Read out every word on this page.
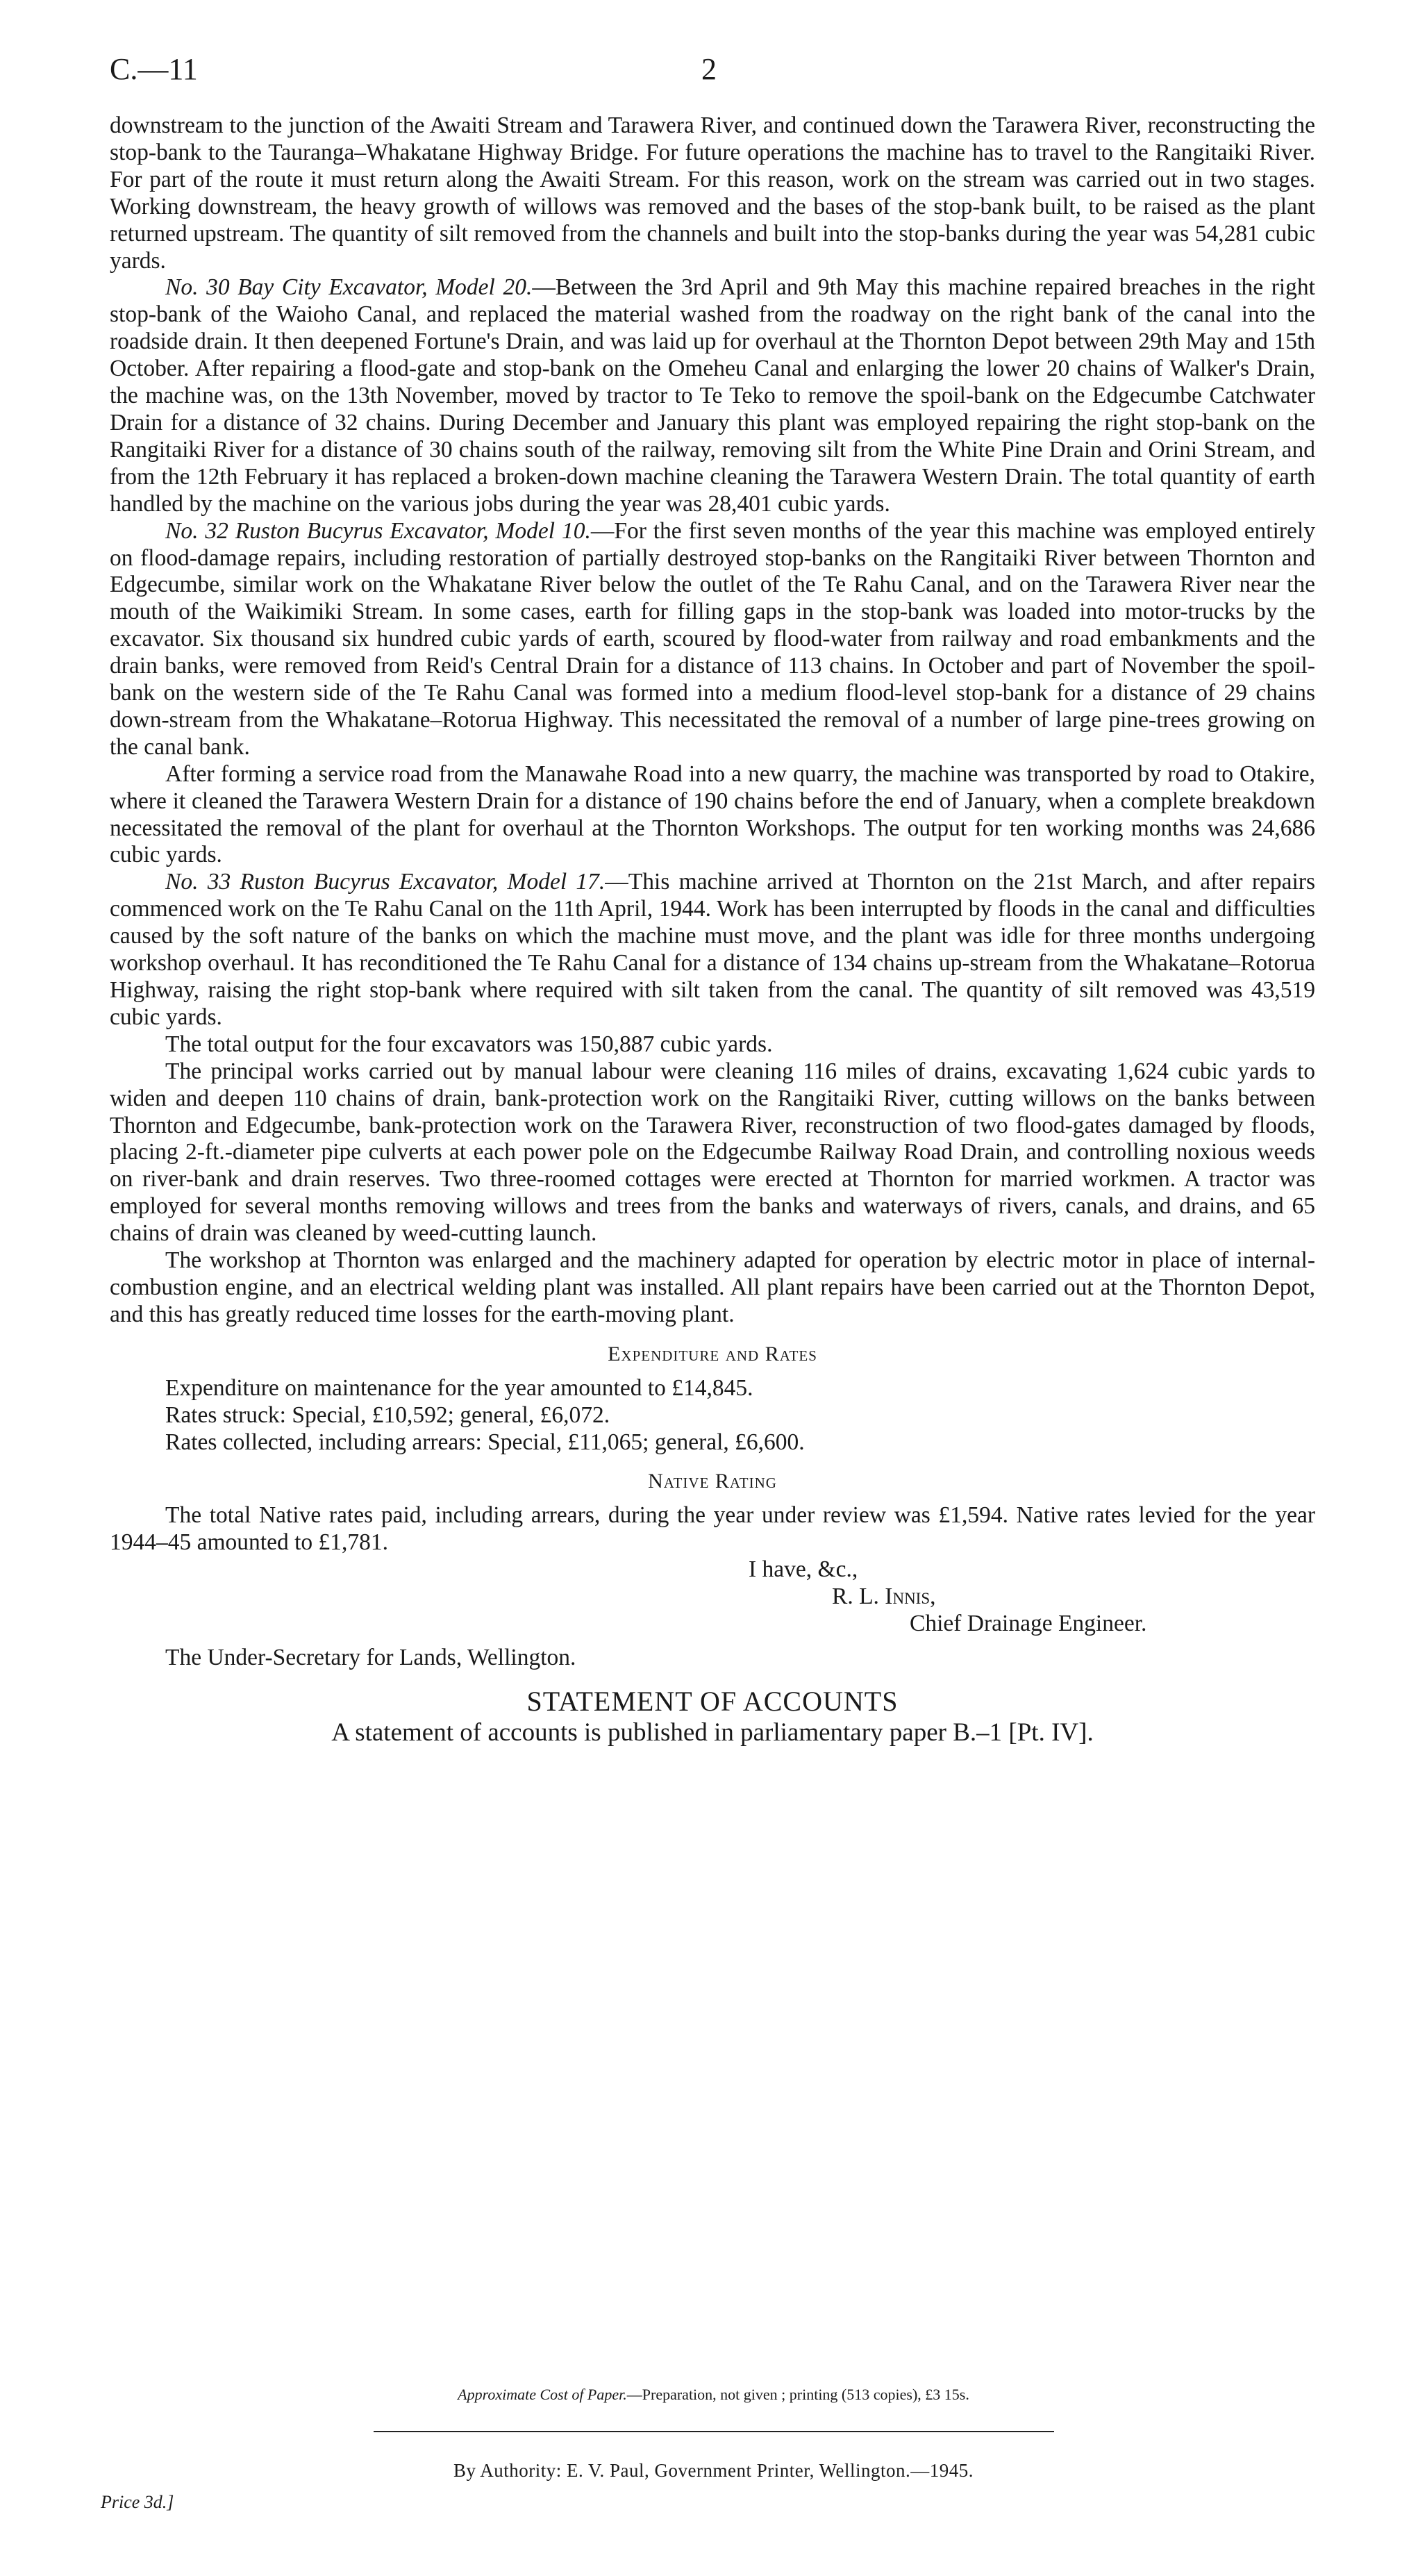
C.—11	2

downstream to the junction of the Awaiti Stream and Tarawera River, and continued down the Tarawera River, reconstructing the stop-bank to the Tauranga–Whakatane Highway Bridge. For future operations the machine has to travel to the Rangitaiki River. For part of the route it must return along the Awaiti Stream. For this reason, work on the stream was carried out in two stages. Working downstream, the heavy growth of willows was removed and the bases of the stop-bank built, to be raised as the plant returned upstream. The quantity of silt removed from the channels and built into the stop-banks during the year was 54,281 cubic yards.

No. 30 Bay City Excavator, Model 20.—Between the 3rd April and 9th May this machine repaired breaches in the right stop-bank of the Waioho Canal, and replaced the material washed from the roadway on the right bank of the canal into the roadside drain. It then deepened Fortune's Drain, and was laid up for overhaul at the Thornton Depot between 29th May and 15th October. After repairing a flood-gate and stop-bank on the Omeheu Canal and enlarging the lower 20 chains of Walker's Drain, the machine was, on the 13th November, moved by tractor to Te Teko to remove the spoil-bank on the Edgecumbe Catchwater Drain for a distance of 32 chains. During December and January this plant was employed repairing the right stop-bank on the Rangitaiki River for a distance of 30 chains south of the railway, removing silt from the White Pine Drain and Orini Stream, and from the 12th February it has replaced a broken-down machine cleaning the Tarawera Western Drain. The total quantity of earth handled by the machine on the various jobs during the year was 28,401 cubic yards.

No. 32 Ruston Bucyrus Excavator, Model 10.—For the first seven months of the year this machine was employed entirely on flood-damage repairs, including restoration of partially destroyed stop-banks on the Rangitaiki River between Thornton and Edgecumbe, similar work on the Whakatane River below the outlet of the Te Rahu Canal, and on the Tarawera River near the mouth of the Waikimiki Stream. In some cases, earth for filling gaps in the stop-bank was loaded into motor-trucks by the excavator. Six thousand six hundred cubic yards of earth, scoured by flood-water from railway and road embankments and the drain banks, were removed from Reid's Central Drain for a distance of 113 chains. In October and part of November the spoil-bank on the western side of the Te Rahu Canal was formed into a medium flood-level stop-bank for a distance of 29 chains down-stream from the Whakatane–Rotorua Highway. This necessitated the removal of a number of large pine-trees growing on the canal bank.

After forming a service road from the Manawahe Road into a new quarry, the machine was transported by road to Otakire, where it cleaned the Tarawera Western Drain for a distance of 190 chains before the end of January, when a complete breakdown necessitated the removal of the plant for overhaul at the Thornton Workshops. The output for ten working months was 24,686 cubic yards.

No. 33 Ruston Bucyrus Excavator, Model 17.—This machine arrived at Thornton on the 21st March, and after repairs commenced work on the Te Rahu Canal on the 11th April, 1944. Work has been interrupted by floods in the canal and difficulties caused by the soft nature of the banks on which the machine must move, and the plant was idle for three months undergoing workshop overhaul. It has reconditioned the Te Rahu Canal for a distance of 134 chains up-stream from the Whakatane–Rotorua Highway, raising the right stop-bank where required with silt taken from the canal. The quantity of silt removed was 43,519 cubic yards.

The total output for the four excavators was 150,887 cubic yards.

The principal works carried out by manual labour were cleaning 116 miles of drains, excavating 1,624 cubic yards to widen and deepen 110 chains of drain, bank-protection work on the Rangitaiki River, cutting willows on the banks between Thornton and Edgecumbe, bank-protection work on the Tarawera River, reconstruction of two flood-gates damaged by floods, placing 2-ft.-diameter pipe culverts at each power pole on the Edgecumbe Railway Road Drain, and controlling noxious weeds on river-bank and drain reserves. Two three-roomed cottages were erected at Thornton for married workmen. A tractor was employed for several months removing willows and trees from the banks and waterways of rivers, canals, and drains, and 65 chains of drain was cleaned by weed-cutting launch.

The workshop at Thornton was enlarged and the machinery adapted for operation by electric motor in place of internal-combustion engine, and an electrical welding plant was installed. All plant repairs have been carried out at the Thornton Depot, and this has greatly reduced time losses for the earth-moving plant.

Expenditure and Rates
Expenditure on maintenance for the year amounted to £14,845.
Rates struck: Special, £10,592; general, £6,072.
Rates collected, including arrears: Special, £11,065; general, £6,600.
Native Rating

The total Native rates paid, including arrears, during the year under review was £1,594. Native rates levied for the year 1944–45 amounted to £1,781.

I have, &c.,
R. L. Innis,
Chief Drainage Engineer.
The Under-Secretary for Lands, Wellington.
STATEMENT OF ACCOUNTS
A statement of accounts is published in parliamentary paper B.–1 [Pt. IV].
Approximate Cost of Paper.—Preparation, not given ; printing (513 copies), £3 15s.
By Authority: E. V. Paul, Government Printer, Wellington.—1945.
Price 3d.]
